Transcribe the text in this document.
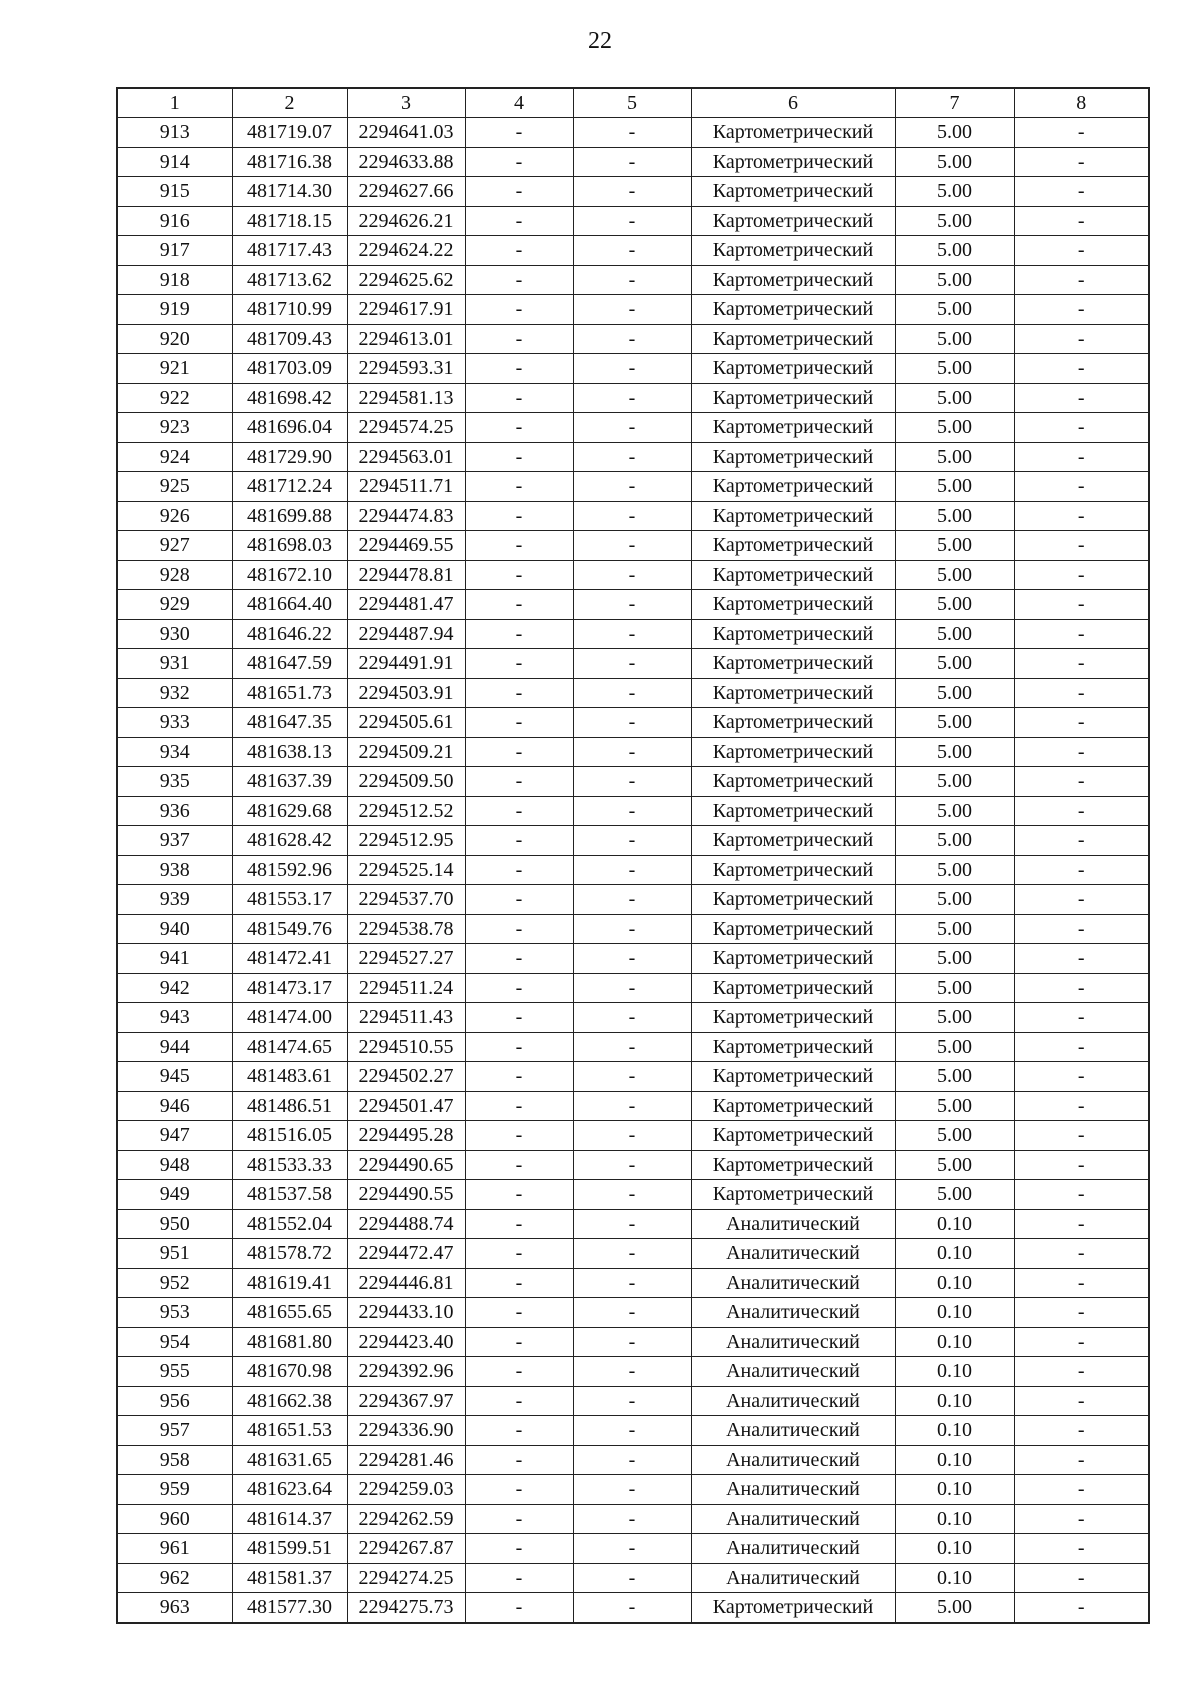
22
1	2	3	4	5	6	7	8
913	481719.07	2294641.03	-	-	Картометрический	5.00	-
914	481716.38	2294633.88	-	-	Картометрический	5.00	-
915	481714.30	2294627.66	-	-	Картометрический	5.00	-
916	481718.15	2294626.21	-	-	Картометрический	5.00	-
917	481717.43	2294624.22	-	-	Картометрический	5.00	-
918	481713.62	2294625.62	-	-	Картометрический	5.00	-
919	481710.99	2294617.91	-	-	Картометрический	5.00	-
920	481709.43	2294613.01	-	-	Картометрический	5.00	-
921	481703.09	2294593.31	-	-	Картометрический	5.00	-
922	481698.42	2294581.13	-	-	Картометрический	5.00	-
923	481696.04	2294574.25	-	-	Картометрический	5.00	-
924	481729.90	2294563.01	-	-	Картометрический	5.00	-
925	481712.24	2294511.71	-	-	Картометрический	5.00	-
926	481699.88	2294474.83	-	-	Картометрический	5.00	-
927	481698.03	2294469.55	-	-	Картометрический	5.00	-
928	481672.10	2294478.81	-	-	Картометрический	5.00	-
929	481664.40	2294481.47	-	-	Картометрический	5.00	-
930	481646.22	2294487.94	-	-	Картометрический	5.00	-
931	481647.59	2294491.91	-	-	Картометрический	5.00	-
932	481651.73	2294503.91	-	-	Картометрический	5.00	-
933	481647.35	2294505.61	-	-	Картометрический	5.00	-
934	481638.13	2294509.21	-	-	Картометрический	5.00	-
935	481637.39	2294509.50	-	-	Картометрический	5.00	-
936	481629.68	2294512.52	-	-	Картометрический	5.00	-
937	481628.42	2294512.95	-	-	Картометрический	5.00	-
938	481592.96	2294525.14	-	-	Картометрический	5.00	-
939	481553.17	2294537.70	-	-	Картометрический	5.00	-
940	481549.76	2294538.78	-	-	Картометрический	5.00	-
941	481472.41	2294527.27	-	-	Картометрический	5.00	-
942	481473.17	2294511.24	-	-	Картометрический	5.00	-
943	481474.00	2294511.43	-	-	Картометрический	5.00	-
944	481474.65	2294510.55	-	-	Картометрический	5.00	-
945	481483.61	2294502.27	-	-	Картометрический	5.00	-
946	481486.51	2294501.47	-	-	Картометрический	5.00	-
947	481516.05	2294495.28	-	-	Картометрический	5.00	-
948	481533.33	2294490.65	-	-	Картометрический	5.00	-
949	481537.58	2294490.55	-	-	Картометрический	5.00	-
950	481552.04	2294488.74	-	-	Аналитический	0.10	-
951	481578.72	2294472.47	-	-	Аналитический	0.10	-
952	481619.41	2294446.81	-	-	Аналитический	0.10	-
953	481655.65	2294433.10	-	-	Аналитический	0.10	-
954	481681.80	2294423.40	-	-	Аналитический	0.10	-
955	481670.98	2294392.96	-	-	Аналитический	0.10	-
956	481662.38	2294367.97	-	-	Аналитический	0.10	-
957	481651.53	2294336.90	-	-	Аналитический	0.10	-
958	481631.65	2294281.46	-	-	Аналитический	0.10	-
959	481623.64	2294259.03	-	-	Аналитический	0.10	-
960	481614.37	2294262.59	-	-	Аналитический	0.10	-
961	481599.51	2294267.87	-	-	Аналитический	0.10	-
962	481581.37	2294274.25	-	-	Аналитический	0.10	-
963	481577.30	2294275.73	-	-	Картометрический	5.00	-
